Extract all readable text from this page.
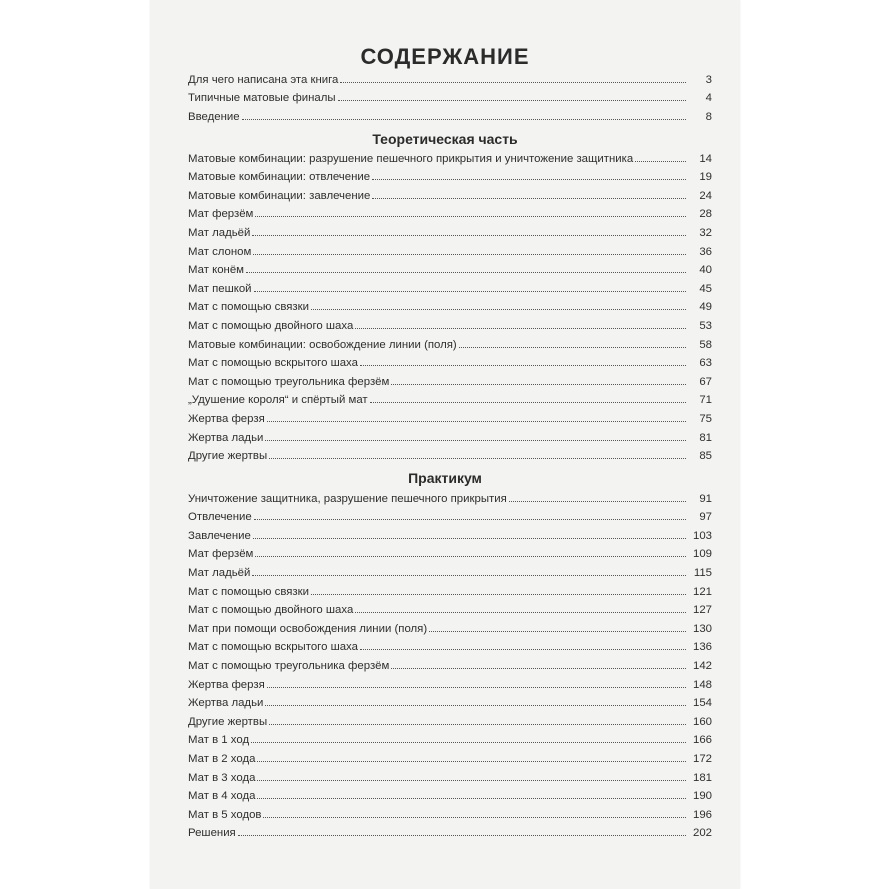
СОДЕРЖАНИЕ
Для чего написана эта книга	3
Типичные матовые финалы	4
Введение	8
Теоретическая часть
Матовые комбинации: разрушение пешечного прикрытия и уничтожение защитника	14
Матовые комбинации: отвлечение	19
Матовые комбинации: завлечение	24
Мат ферзём	28
Мат ладьёй	32
Мат слоном	36
Мат конём	40
Мат пешкой	45
Мат с помощью связки	49
Мат с помощью двойного шаха	53
Матовые комбинации: освобождение линии (поля)	58
Мат с помощью вскрытого шаха	63
Мат с помощью треугольника ферзём	67
„Удушение короля“ и спёртый мат	71
Жертва ферзя	75
Жертва ладьи	81
Другие жертвы	85
Практикум
Уничтожение защитника, разрушение пешечного прикрытия	91
Отвлечение	97
Завлечение	103
Мат ферзём	109
Мат ладьёй	115
Мат с помощью связки	121
Мат с помощью двойного шаха	127
Мат при помощи освобождения линии (поля)	130
Мат с помощью вскрытого шаха	136
Мат с помощью треугольника ферзём	142
Жертва ферзя	148
Жертва ладьи	154
Другие жертвы	160
Мат в 1 ход	166
Мат в 2 хода	172
Мат в 3 хода	181
Мат в 4 хода	190
Мат в 5 ходов	196
Решения	202
